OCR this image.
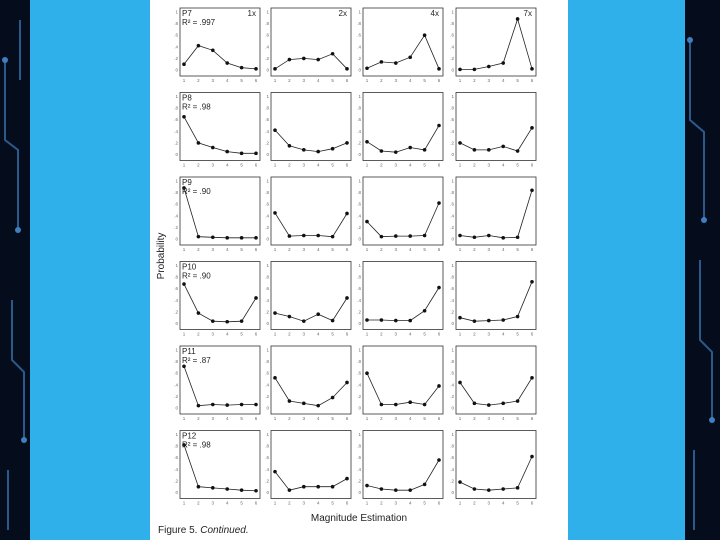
0
.2
.4
.6
.8
1
1	2	3	4	5	6
1x
P7
R² = .997
0
.2
.4
.6
.8
1
1	2	3	4	5	6
2x
0
.2
.4
.6
.8
1
1	2	3	4	5	6
4x
0
.2
.4
.6
.8
1
1	2	3	4	5	6
7x
0
.2
.4
.6
.8
1
1	2	3	4	5	6
P8
R² = .98
0
.2
.4
.6
.8
1
1	2	3	4	5	6
0
.2
.4
.6
.8
1
1	2	3	4	5	6
0
.2
.4
.6
.8
1
1	2	3	4	5	6
0
.2
.4
.6
.8
1
1	2	3	4	5	6
P9
R² = .90
0
.2
.4
.6
.8
1
1	2	3	4	5	6
0
.2
.4
.6
.8
1
1	2	3	4	5	6
0
.2
.4
.6
.8
1
1	2	3	4	5	6
0
.2
.4
.6
.8
1
1	2	3	4	5	6
P10
R² = .90
0
.2
.4
.6
.8
1
1	2	3	4	5	6
0
.2
.4
.6
.8
1
1	2	3	4	5	6
0
.2
.4
.6
.8
1
1	2	3	4	5	6
0
.2
.4
.6
.8
1
1	2	3	4	5	6
P11
R² = .87
0
.2
.4
.6
.8
1
1	2	3	4	5	6
0
.2
.4
.6
.8
1
1	2	3	4	5	6
0
.2
.4
.6
.8
1
1	2	3	4	5	6
0
.2
.4
.6
.8
1
1	2	3	4	5	6
P12
R² = .98
0
.2
.4
.6
.8
1
1	2	3	4	5	6
0
.2
.4
.6
.8
1
1	2	3	4	5	6
0
.2
.4
.6
.8
1
1	2	3	4	5	6
Magnitude Estimation
Probability
Figure 5. Continued.
